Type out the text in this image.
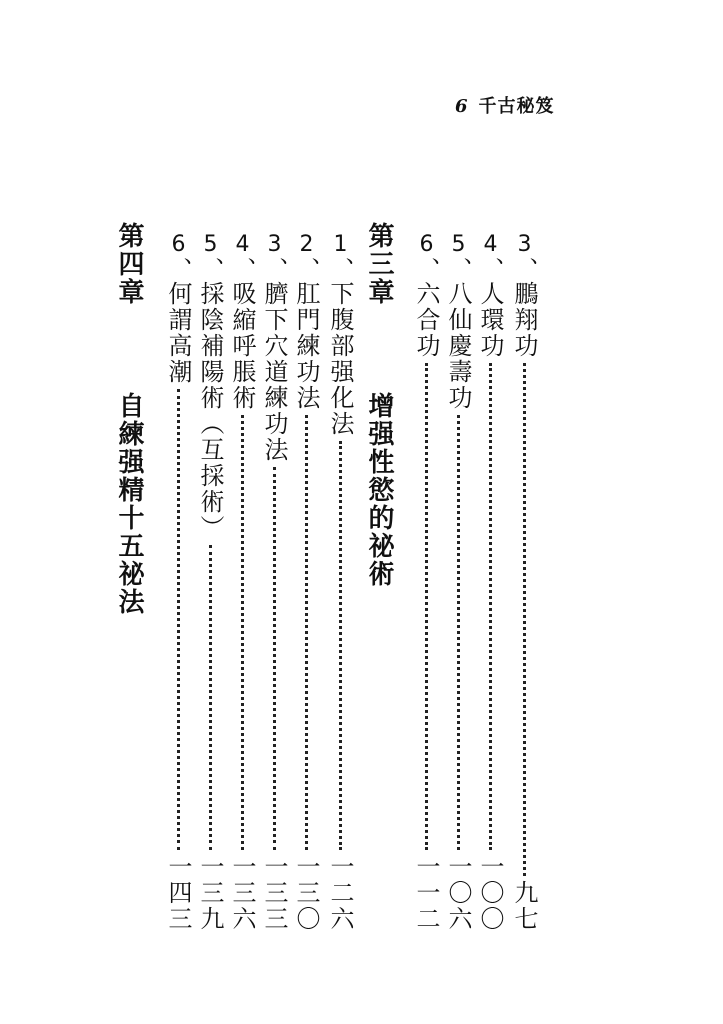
6 千古秘笈
3
、
鵬翔功
九七
4
、
人環功
一〇〇
5
、
八仙慶壽功
一〇六
6
、
六合功
一一二
第三章  增强性慾的祕術
1
、
下腹部强化法
一二六
2
、
肛門練功法
一三〇
3
、
臍下穴道練功法
一三三
4
、
吸縮呼脹術
一三六
5
、
採陰補陽術（互採術）
一三九
6
、
何謂高潮
一四三
第四章  自練强精十五祕法
